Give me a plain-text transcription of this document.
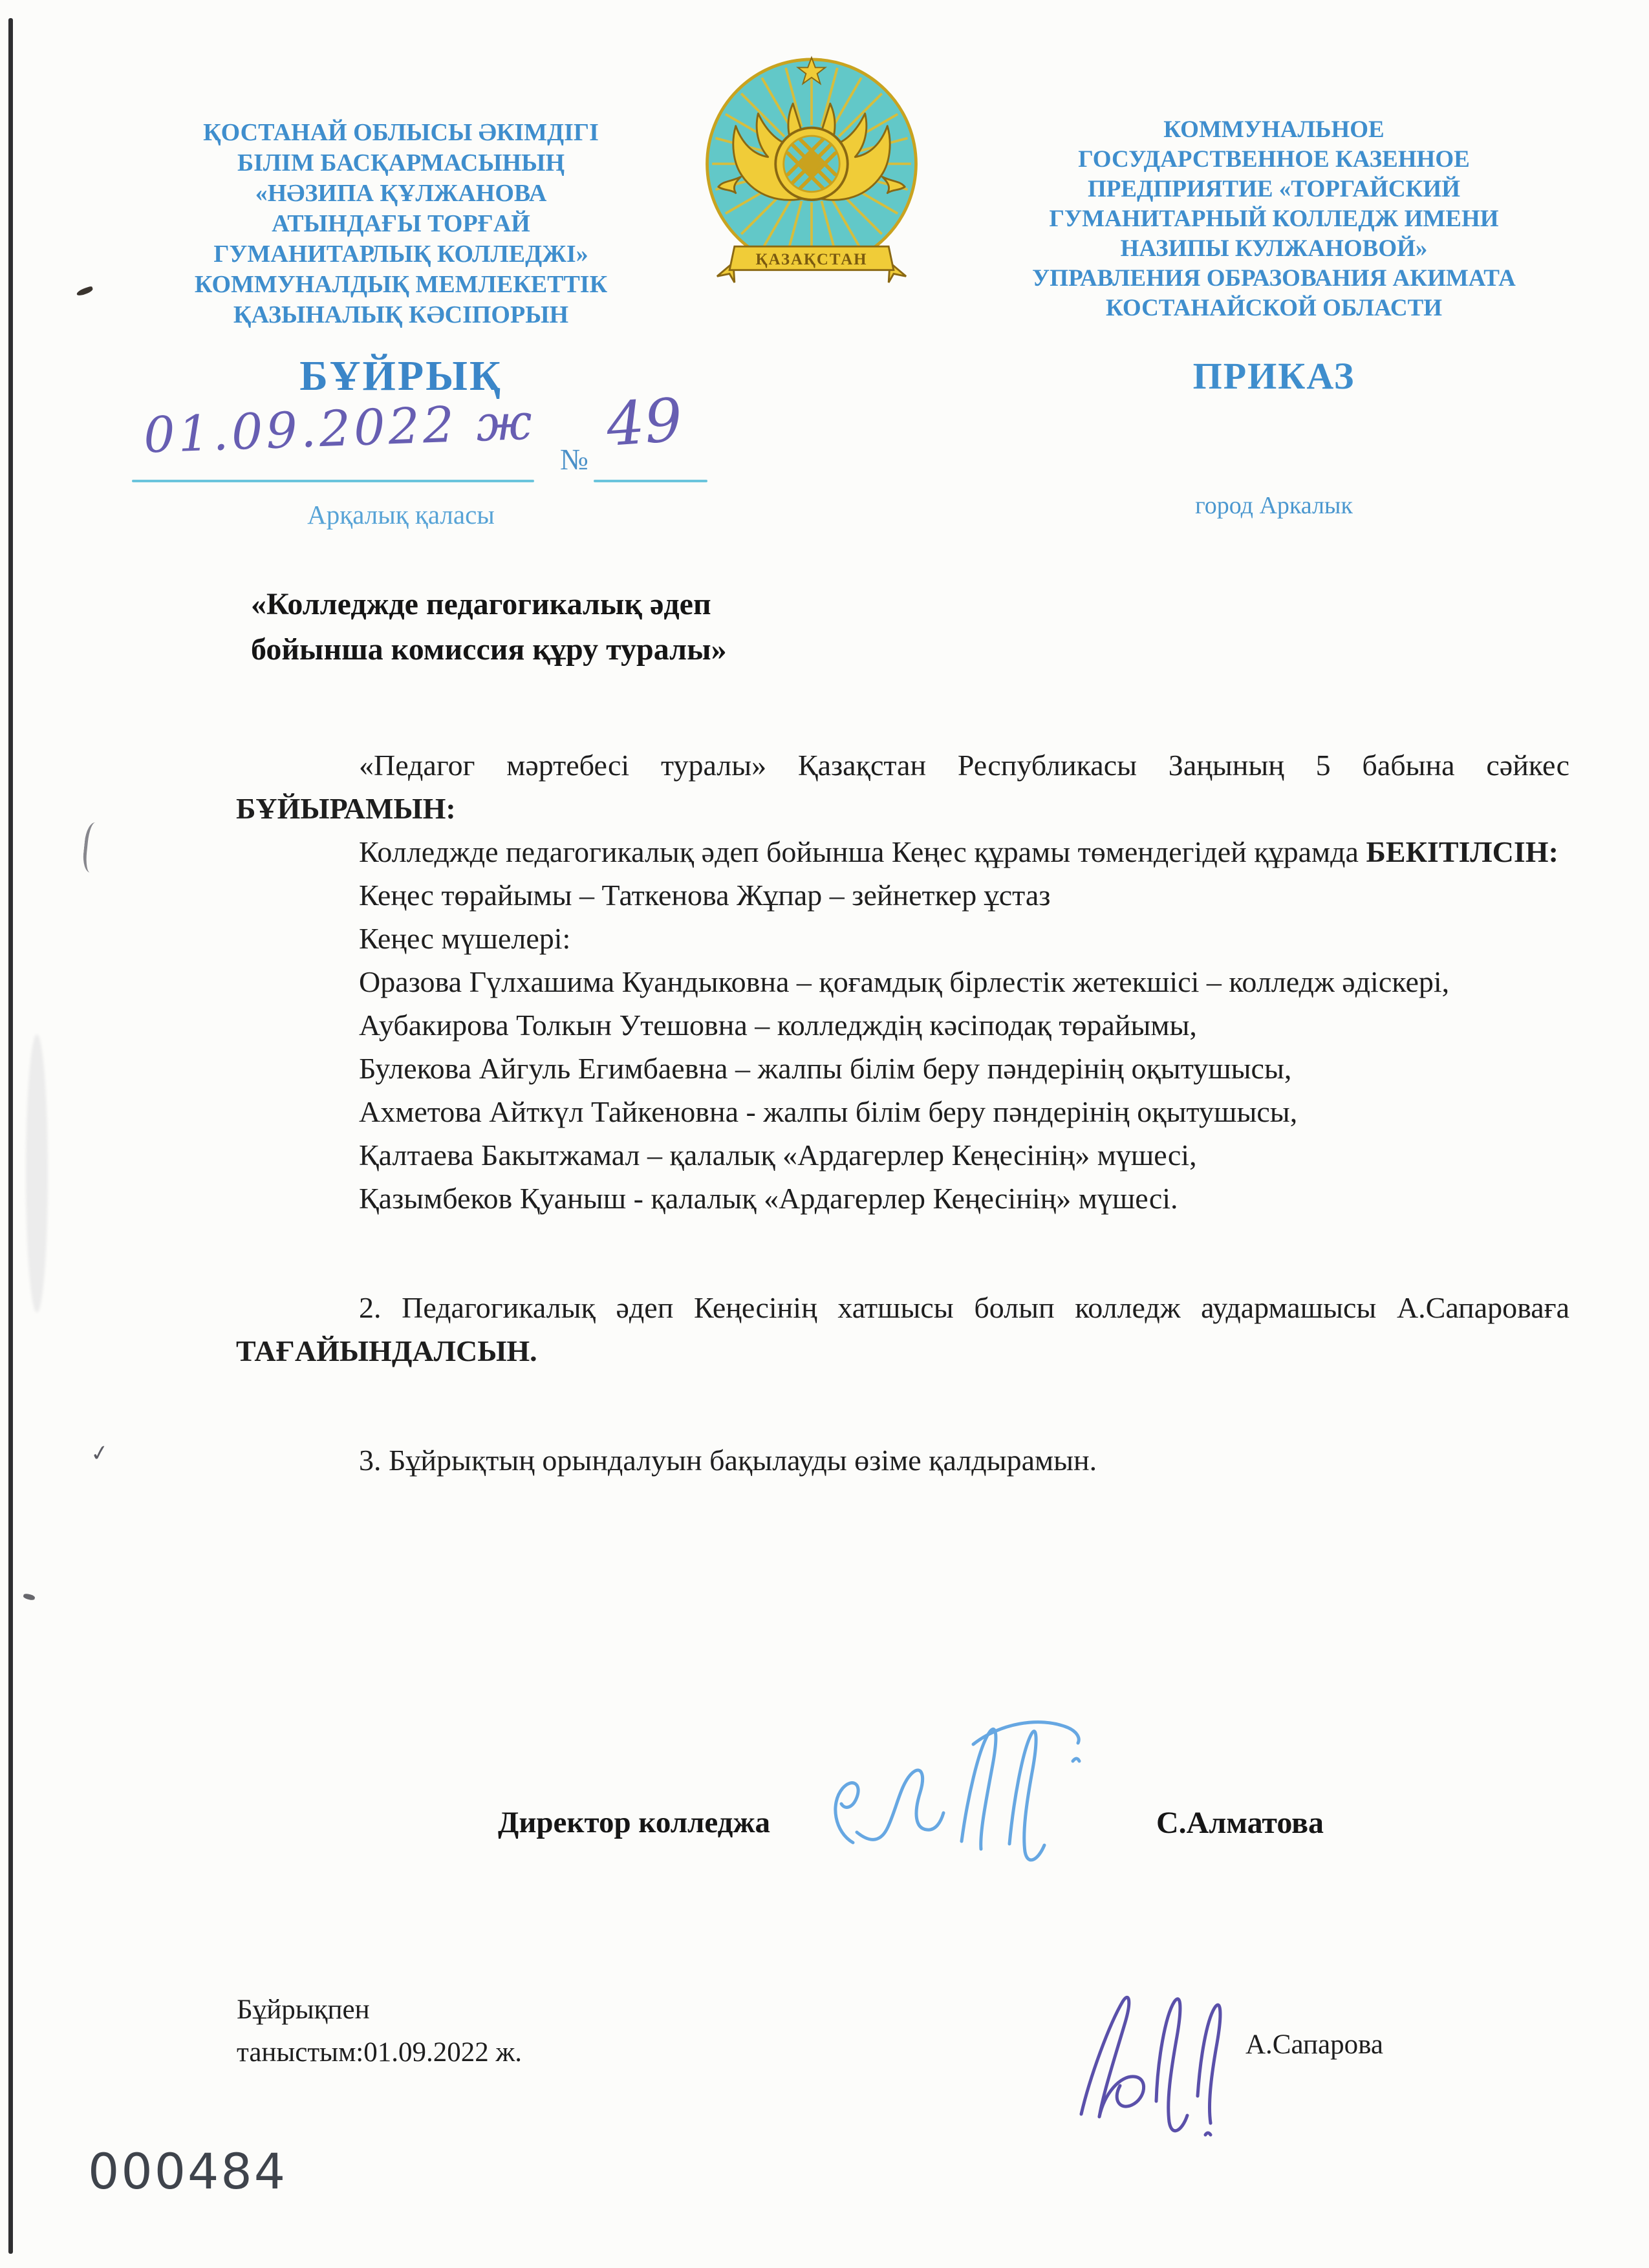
✓
ҚОСТАНАЙ ОБЛЫСЫ ӘКІМДІГІ
БІЛІМ БАСҚАРМАСЫНЫҢ
«НӘЗИПА ҚҰЛЖАНОВА
АТЫНДАҒЫ ТОРҒАЙ
ГУМАНИТАРЛЫҚ КОЛЛЕДЖІ»
КОММУНАЛДЫҚ МЕМЛЕКЕТТІК
ҚАЗЫНАЛЫҚ КӘСІПОРЫН
ҚАЗАҚСТАН
КОММУНАЛЬНОЕ
ГОСУДАРСТВЕННОЕ КАЗЕННОЕ
ПРЕДПРИЯТИЕ «ТОРГАЙСКИЙ
ГУМАНИТАРНЫЙ КОЛЛЕДЖ ИМЕНИ
НАЗИПЫ КУЛЖАНОВОЙ»
УПРАВЛЕНИЯ ОБРАЗОВАНИЯ АКИМАТА
КОСТАНАЙСКОЙ ОБЛАСТИ
БҰЙРЫҚ	ПРИКАЗ
01.09.2022 ж № 49
Арқалық қаласы	город Аркалык
«Колледжде педагогикалық әдеп
бойынша комиссия құру туралы»

«Педагог мәртебесі туралы» Қазақстан Республикасы Заңының 5 бабына сәйкес БҰЙЫРАМЫН:

Колледжде педагогикалық әдеп бойынша Кеңес құрамы төмендегідей құрамда БЕКІТІЛСІН:

Кеңес төрайымы – Таткенова Жұпар – зейнеткер ұстаз

Кеңес мүшелері:

Оразова Гүлхашима Куандыковна – қоғамдық бірлестік жетекшісі – колледж әдіскері,

Аубакирова Толкын Утешовна – колледждің кәсіподақ төрайымы,

Булекова Айгуль Егимбаевна – жалпы білім беру пәндерінің оқытушысы,

Ахметова Айткүл Тайкеновна - жалпы білім беру пәндерінің оқытушысы,

Қалтаева Бакытжамал – қалалық «Ардагерлер Кеңесінің» мүшесі,

Қазымбеков Қуаныш - қалалық «Ардагерлер Кеңесінің» мүшесі.

2. Педагогикалық әдеп Кеңесінің хатшысы болып колледж аудармашысы А.Сапароваға ТАҒАЙЫНДАЛСЫН.

3. Бұйрықтың орындалуын бақылауды өзіме қалдырамын.

Директор колледжа	С.Алматова
Бұйрықпен
таныстым:01.09.2022 ж.	А.Сапарова
000484
